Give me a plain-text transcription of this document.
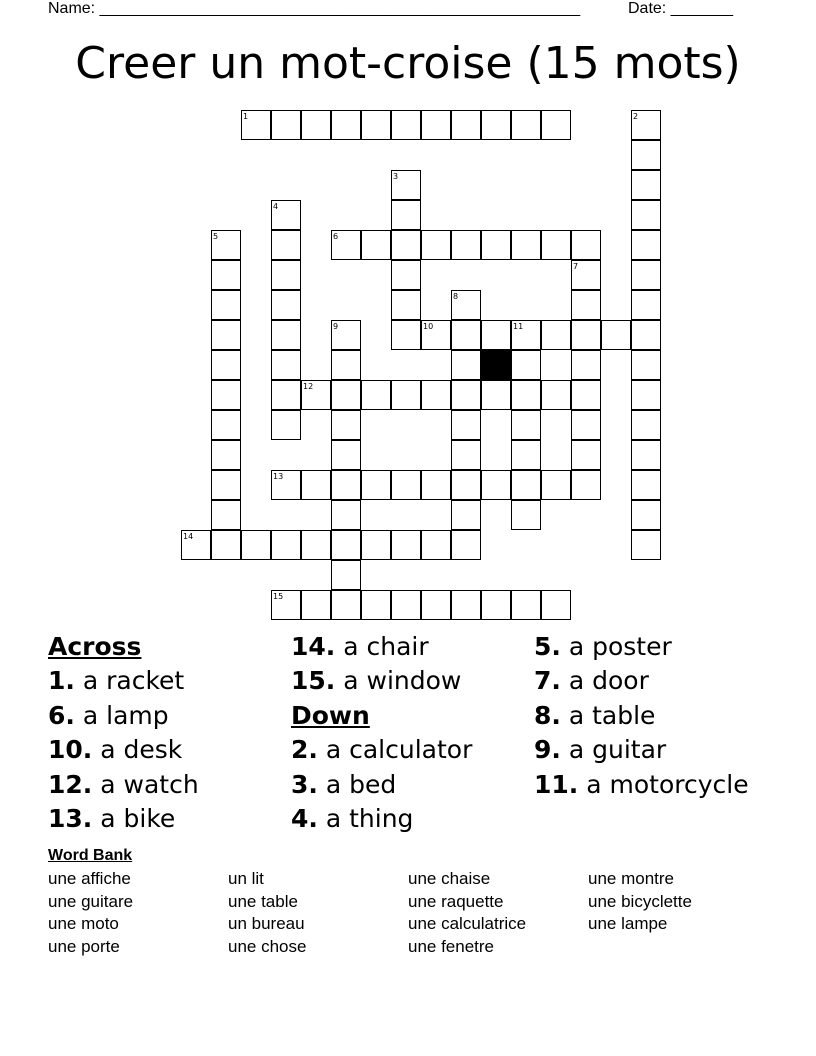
Name: ______________________________________________________	Date: _______
Creer un mot-croise (15 mots)
1	2
3
4
5	6
7
8
9	10	11
12
13
14
15
Across
1. a racket
6. a lamp
10. a desk
12. a watch
13. a bike
14. a chair
15. a window
Down
2. a calculator
3. a bed
4. a thing
5. a poster
7. a door
8. a table
9. a guitar
11. a motorcycle
Word Bank
une affiche
une guitare
une moto
une porte
un lit
une table
un bureau
une chose
une chaise
une raquette
une calculatrice
une fenetre
une montre
une bicyclette
une lampe
